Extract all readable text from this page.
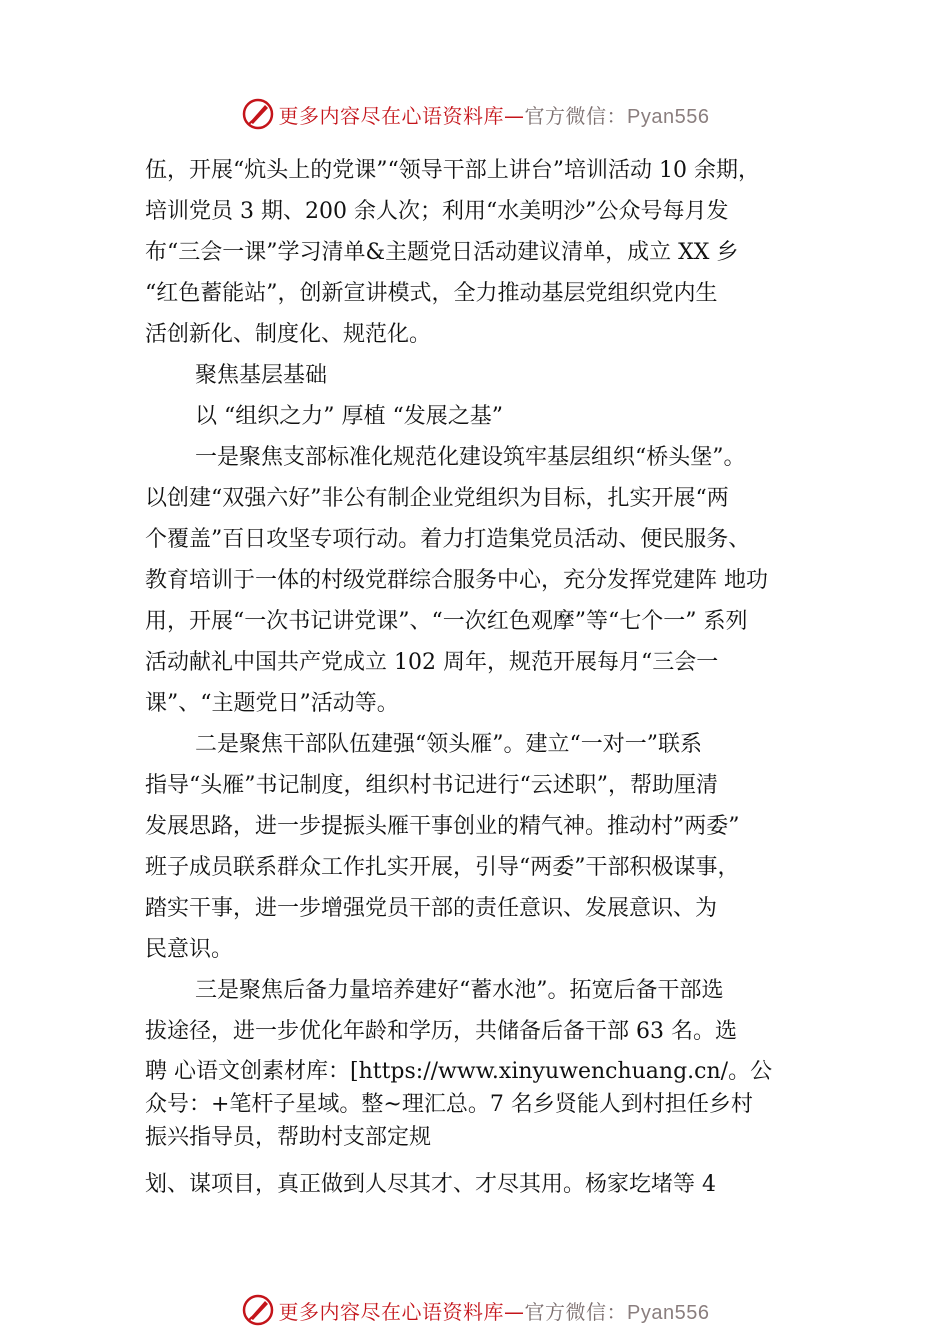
更多内容尽在心语资料库—官方微信：Pyan556

伍，开展“炕头上的党课”“领导干部上讲台”培训活动 10 余期，

培训党员 3 期、200 余人次；利用“水美明沙”公众号每月发

布“三会一课”学习清单&主题党日活动建议清单，成立 XX 乡

“红色蓄能站”，创新宣讲模式，全力推动基层党组织党内生

活创新化、制度化、规范化。

聚焦基层基础

以 “组织之力” 厚植 “发展之基”

一是聚焦支部标准化规范化建设筑牢基层组织“桥头堡”。

以创建“双强六好”非公有制企业党组织为目标，扎实开展“两

个覆盖”百日攻坚专项行动。着力打造集党员活动、便民服务、

教育培训于一体的村级党群综合服务中心，充分发挥党建阵 地功

用，开展“一次书记讲党课”、“一次红色观摩”等“七个一” 系列

活动献礼中国共产党成立 102 周年，规范开展每月“三会一

课”、“主题党日”活动等。

二是聚焦干部队伍建强“领头雁”。建立“一对一”联系

指导“头雁”书记制度，组织村书记进行“云述职”，帮助厘清

发展思路，进一步提振头雁干事创业的精气神。推动村”两委”

班子成员联系群众工作扎实开展，引导“两委”干部积极谋事，

踏实干事，进一步增强党员干部的责任意识、发展意识、为

民意识。

三是聚焦后备力量培养建好“蓄水池”。拓宽后备干部选

拔途径，进一步优化年龄和学历，共储备后备干部 63 名。选

聘 心语文创素材库：[https://www.xinyuwenchuang.cn/。公

众号：+笔杆子星域。整~理汇总。7 名乡贤能人到村担任乡村

振兴指导员，帮助村支部定规

划、谋项目，真正做到人尽其才、才尽其用。杨家圪堵等 4

更多内容尽在心语资料库—官方微信：Pyan556
